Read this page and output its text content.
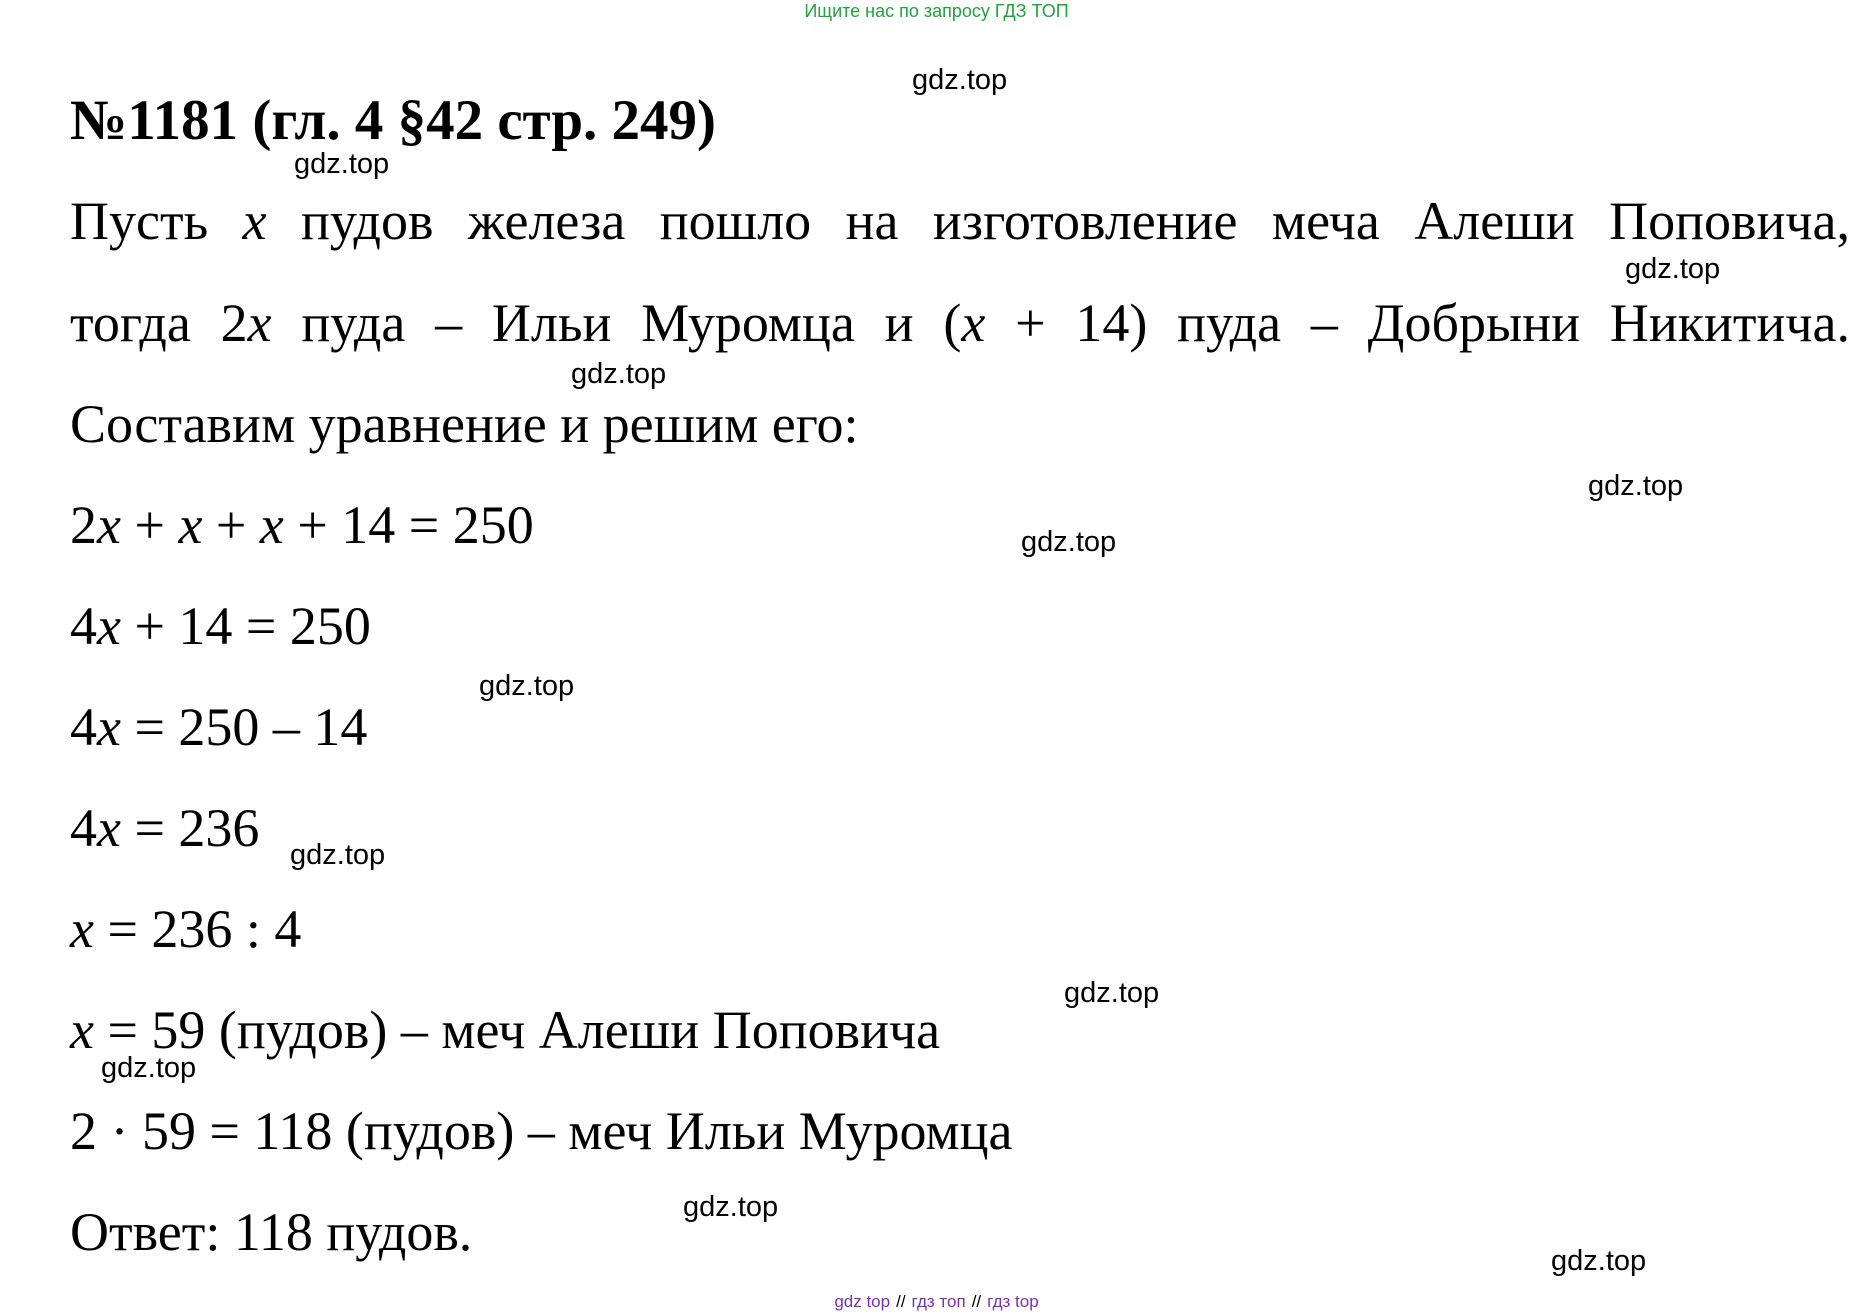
Ищите нас по запросу ГДЗ ТОП
№1181 (гл. 4 §42 стр. 249)
Пусть x пудов железа пошло на изготовление меча Алеши Поповича,
тогда 2x пуда – Ильи Муромца и (x + 14) пуда – Добрыни Никитича.
Составим уравнение и решим его:
2x + x + x + 14 = 250
4x + 14 = 250
4x = 250 – 14
4x = 236
x = 236 : 4
x = 59 (пудов) – меч Алеши Поповича
2 · 59 = 118 (пудов) – меч Ильи Муромца
Ответ: 118 пудов.
gdz.top
gdz.top
gdz.top
gdz.top
gdz.top
gdz.top
gdz.top
gdz.top
gdz.top
gdz.top
gdz.top
gdz.top
gdz top // гдз топ // гдз top
